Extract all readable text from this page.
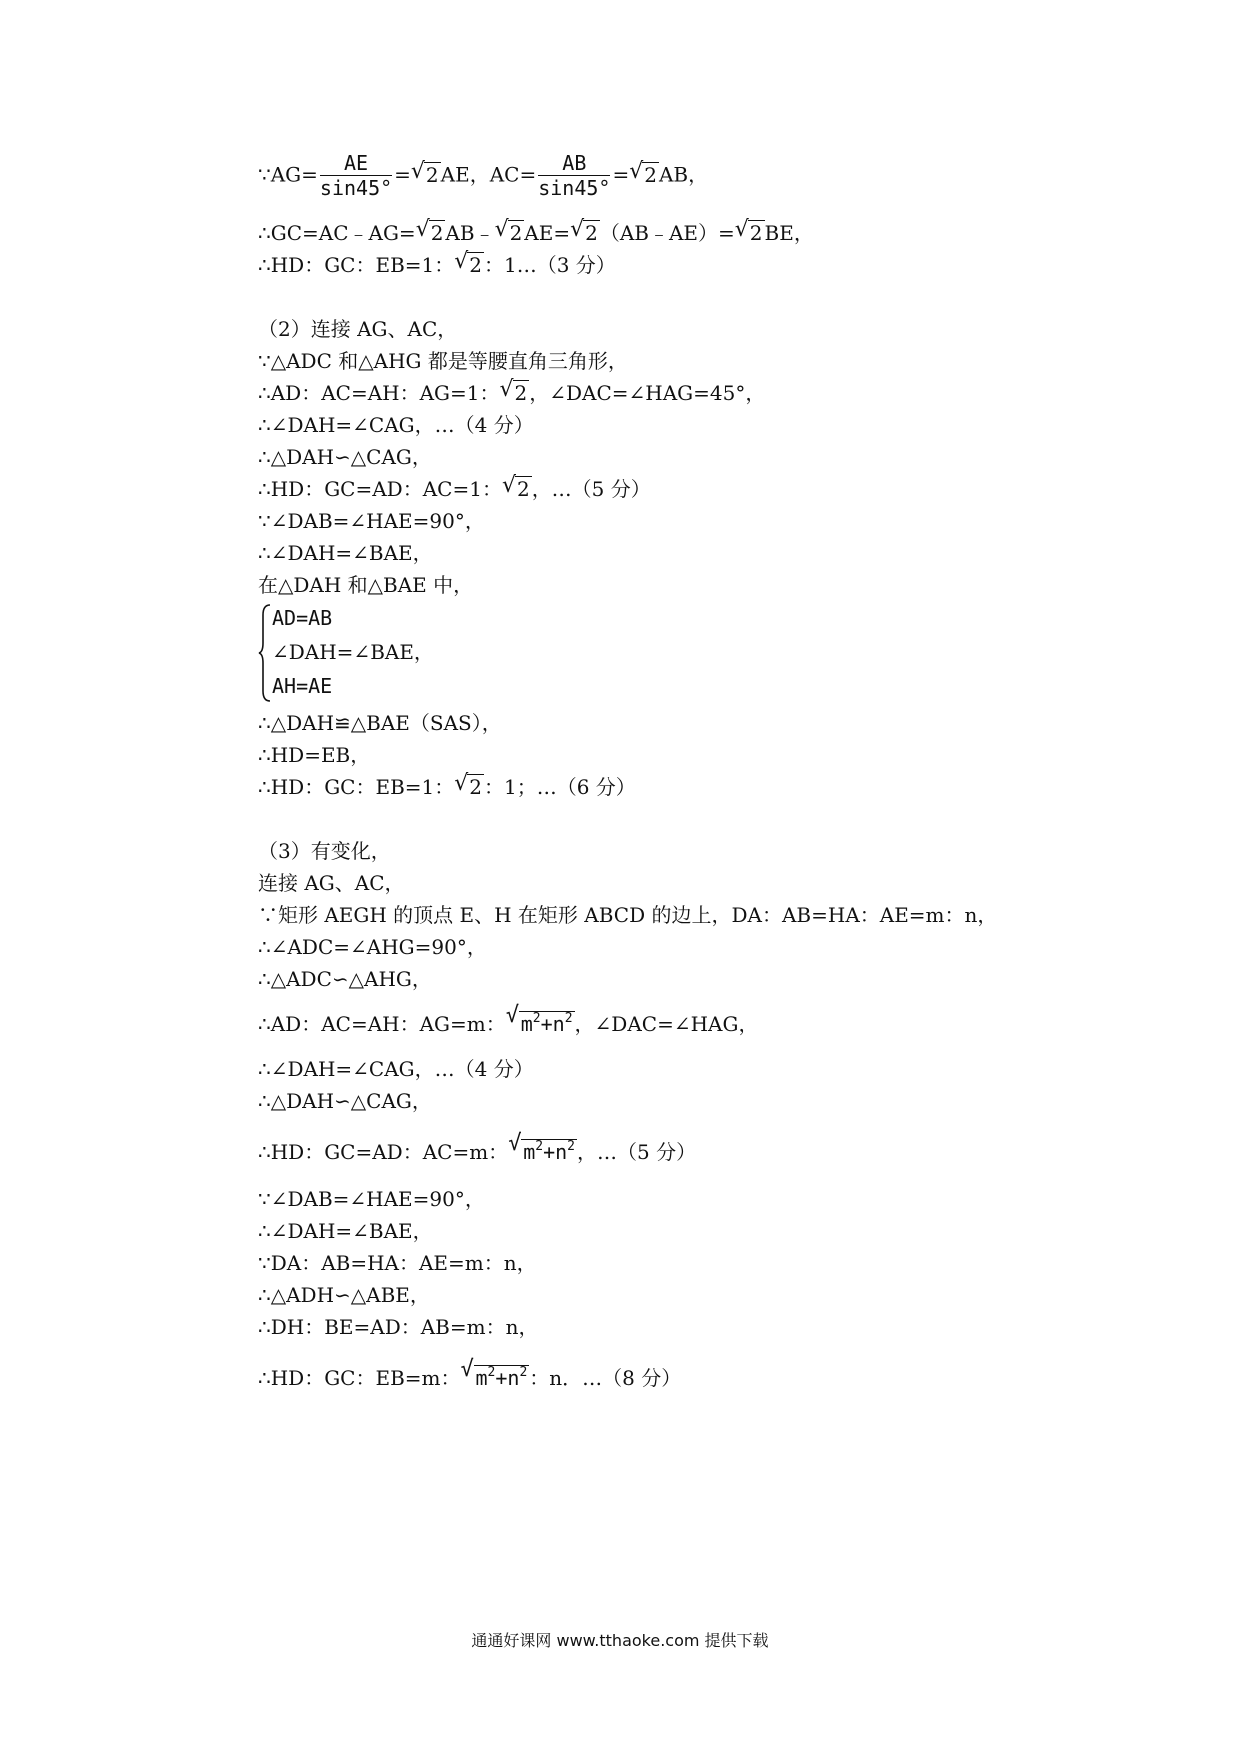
∵AG= $\frac{AE}{\sin 45^\circ}$ = √ 2 AE，$AC= \frac{AB}{\sin 45^\circ}$ = √ 2 AB，
∴GC=AC﹣AG= √ 2 AB﹣ √ 2 AE= √ 2 （AB﹣AE）= √ 2 BE，
∴HD：GC：EB=1： √ 2 ：1…（3 分）
（2）连接 AG、AC，
∵△ADC 和△AHG 都是等腰直角三角形，
∴AD：AC=AH：AG=1： √ 2 ，∠DAC=∠HAG=45°，
∴∠DAH=∠CAG，…（4 分）
∴△DAH∽△CAG，
∴HD：GC=AD：AC=1： √ 2 ，…（5 分）
∵∠DAB=∠HAE=90°，
∴∠DAH=∠BAE，
在△DAH 和△BAE 中，
AD=AB
∠DAH=∠BAE，
AH=AE
∴△DAH≌△BAE（SAS），
∴HD=EB，
∴HD：GC：EB=1： √ 2 ：1；…（6 分）
（3）有变化，
连接 AG、AC，
∵矩形 AEGH 的顶点 E、H 在矩形 ABCD 的边上，DA：AB=HA：AE=m：n，
∴∠ADC=∠AHG=90°，
∴△ADC∽△AHG，
∴AD：AC=AH：AG=m： √ $m^2+n^2$ ，∠DAC=∠HAG，
∴∠DAH=∠CAG，…（4 分）
∴△DAH∽△CAG，
∴HD：GC=AD：AC=m： √ $m^2+n^2$ ，…（5 分）
∵∠DAB=∠HAE=90°，
∴∠DAH=∠BAE，
∵DA：AB=HA：AE=m：n，
∴△ADH∽△ABE，
∴DH：BE=AD：AB=m：n，
∴HD：GC：EB=m： √ $m^2+n^2$ ：n．…（8 分）
通通好课网 www.tthaoke.com 提供下载
